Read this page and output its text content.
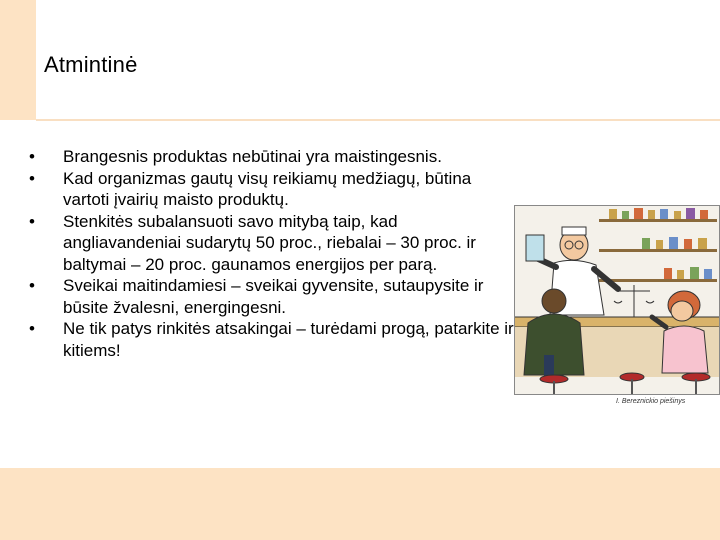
Atmintinė
• Brangesnis produktas nebūtinai yra maistingesnis.
• Kad organizmas gautų visų reikiamų medžiagų, būtina vartoti įvairių maisto produktų.
• Stenkitės subalansuoti savo mitybą taip, kad angliavandeniai sudarytų 50 proc., riebalai – 30 proc. ir baltymai – 20 proc. gaunamos energijos per parą.
• Sveikai maitindamiesi – sveikai gyvensite, sutaupysite ir būsite žvalesni, energingesni.
• Ne tik patys rinkitės atsakingai – turėdami progą, patarkite ir kitiems!
I. Bereznickio piešinys
